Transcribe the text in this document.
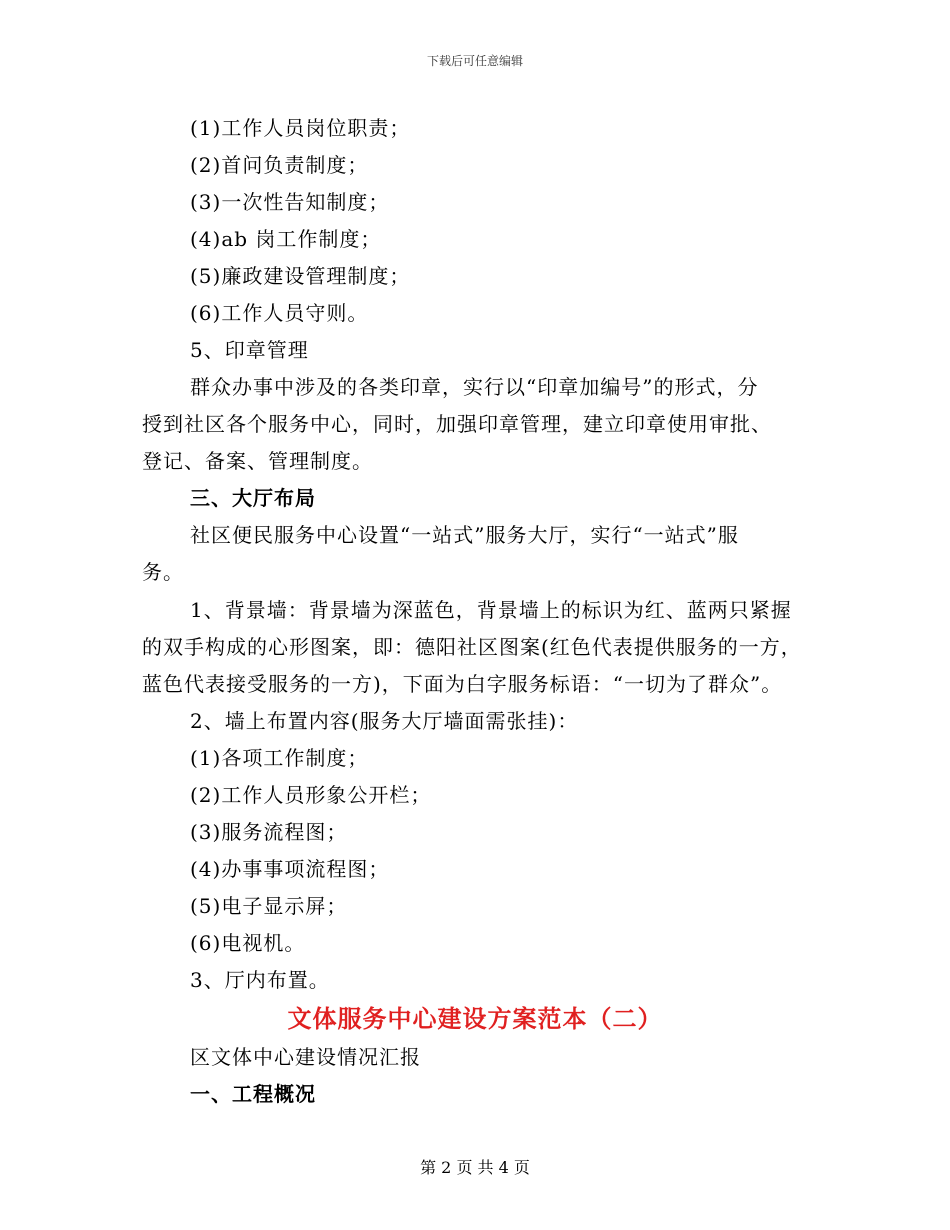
下载后可任意编辑
(1)工作人员岗位职责；
(2)首问负责制度；
(3)一次性告知制度；
(4)ab 岗工作制度；
(5)廉政建设管理制度；
(6)工作人员守则。
5、印章管理
群众办事中涉及的各类印章，实行以“印章加编号”的形式，分
授到社区各个服务中心，同时，加强印章管理，建立印章使用审批、
登记、备案、管理制度。
三、大厅布局
社区便民服务中心设置“一站式”服务大厅，实行“一站式”服
务。
1、背景墙：背景墙为深蓝色，背景墙上的标识为红、蓝两只紧握
的双手构成的心形图案，即：德阳社区图案(红色代表提供服务的一方，
蓝色代表接受服务的一方)，下面为白字服务标语：“一切为了群众”。
2、墙上布置内容(服务大厅墙面需张挂)：
(1)各项工作制度；
(2)工作人员形象公开栏；
(3)服务流程图；
(4)办事事项流程图；
(5)电子显示屏；
(6)电视机。
3、厅内布置。
文体服务中心建设方案范本（二）
区文体中心建设情况汇报
一、工程概况
第 2 页 共 4 页
